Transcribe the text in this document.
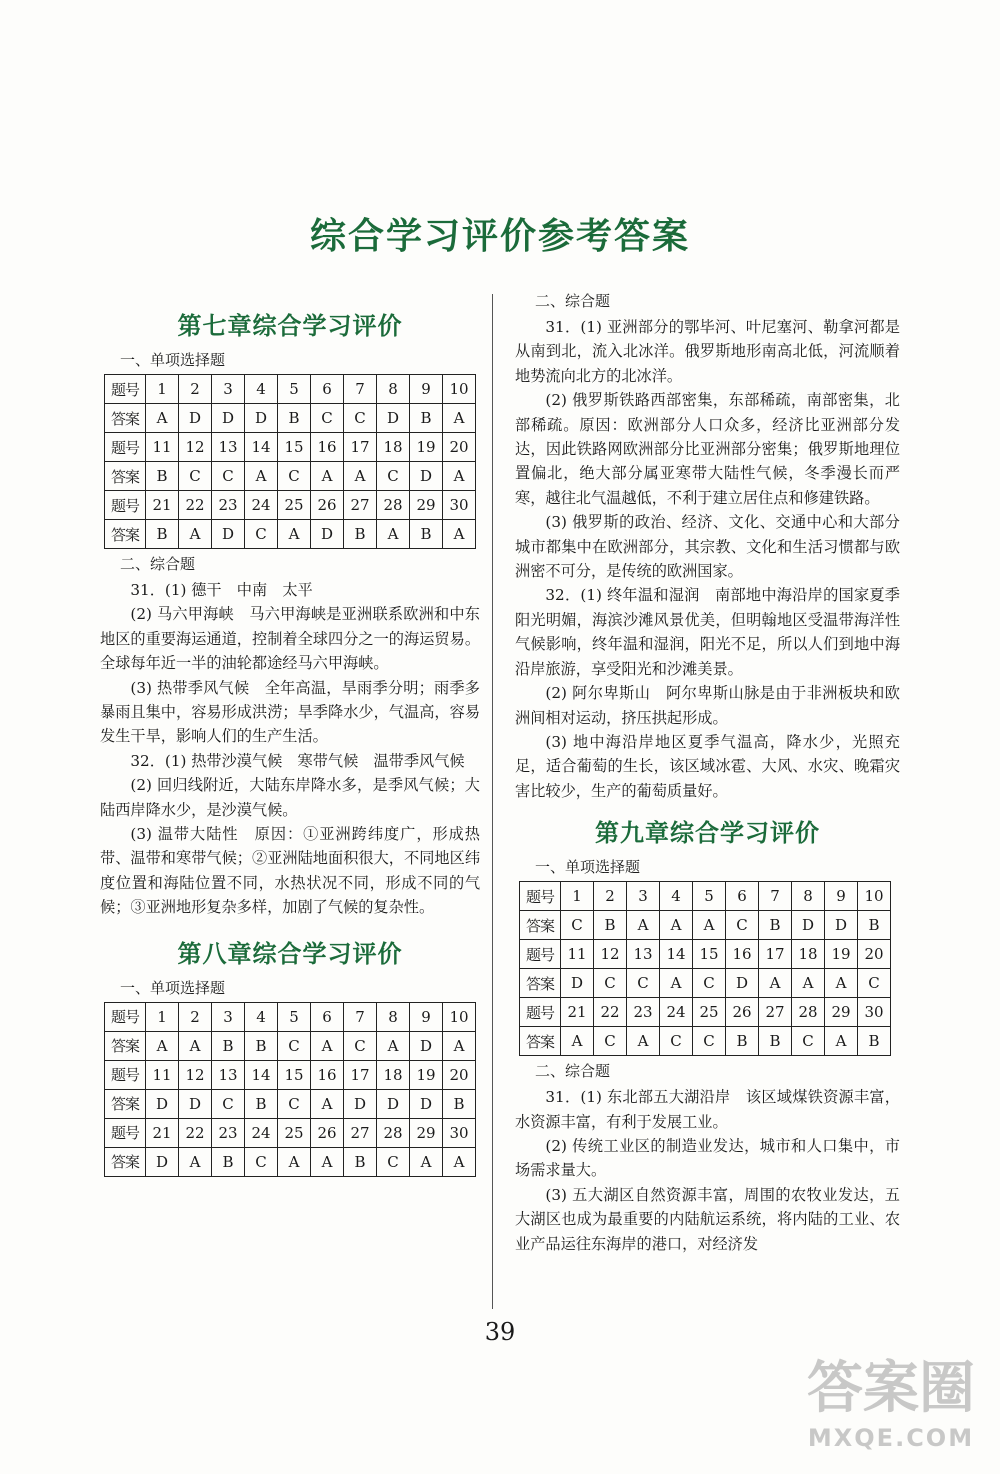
综合学习评价参考答案
第七章综合学习评价
一、单项选择题
题号	1	2	3	4	5	6	7	8	9	10
答案	A	D	D	D	B	C	C	D	B	A
题号	11	12	13	14	15	16	17	18	19	20
答案	B	C	C	A	C	A	A	C	D	A
题号	21	22	23	24	25	26	27	28	29	30
答案	B	A	D	C	A	D	B	A	B	A
二、综合题

31．(1) 德干　中南　太平

(2) 马六甲海峡　马六甲海峡是亚洲联系欧洲和中东地区的重要海运通道，控制着全球四分之一的海运贸易。全球每年近一半的油轮都途经马六甲海峡。

(3) 热带季风气候　全年高温，旱雨季分明；雨季多暴雨且集中，容易形成洪涝；旱季降水少，气温高，容易发生干旱，影响人们的生产生活。

32．(1) 热带沙漠气候　寒带气候　温带季风气候

(2) 回归线附近，大陆东岸降水多，是季风气候；大陆西岸降水少，是沙漠气候。

(3) 温带大陆性　原因：①亚洲跨纬度广，形成热带、温带和寒带气候；②亚洲陆地面积很大，不同地区纬度位置和海陆位置不同，水热状况不同，形成不同的气候；③亚洲地形复杂多样，加剧了气候的复杂性。

第八章综合学习评价
一、单项选择题
题号	1	2	3	4	5	6	7	8	9	10
答案	A	A	B	B	C	A	C	A	D	A
题号	11	12	13	14	15	16	17	18	19	20
答案	D	D	C	B	C	A	D	D	D	B
题号	21	22	23	24	25	26	27	28	29	30
答案	D	A	B	C	A	A	B	C	A	A
二、综合题

31．(1) 亚洲部分的鄂毕河、叶尼塞河、勒拿河都是从南到北，流入北冰洋。俄罗斯地形南高北低，河流顺着地势流向北方的北冰洋。

(2) 俄罗斯铁路西部密集，东部稀疏，南部密集，北部稀疏。原因：欧洲部分人口众多，经济比亚洲部分发达，因此铁路网欧洲部分比亚洲部分密集；俄罗斯地理位置偏北，绝大部分属亚寒带大陆性气候，冬季漫长而严寒，越往北气温越低，不利于建立居住点和修建铁路。

(3) 俄罗斯的政治、经济、文化、交通中心和大部分城市都集中在欧洲部分，其宗教、文化和生活习惯都与欧洲密不可分，是传统的欧洲国家。

32．(1) 终年温和湿润　南部地中海沿岸的国家夏季阳光明媚，海滨沙滩风景优美，但明翰地区受温带海洋性气候影响，终年温和湿润，阳光不足，所以人们到地中海沿岸旅游，享受阳光和沙滩美景。

(2) 阿尔卑斯山　阿尔卑斯山脉是由于非洲板块和欧洲间相对运动，挤压拱起形成。

(3) 地中海沿岸地区夏季气温高，降水少，光照充足，适合葡萄的生长，该区域冰雹、大风、水灾、晚霜灾害比较少，生产的葡萄质量好。

第九章综合学习评价
一、单项选择题
题号	1	2	3	4	5	6	7	8	9	10
答案	C	B	A	A	A	C	B	D	D	B
题号	11	12	13	14	15	16	17	18	19	20
答案	D	C	C	A	C	D	A	A	A	C
题号	21	22	23	24	25	26	27	28	29	30
答案	A	C	A	C	C	B	B	C	A	B
二、综合题

31．(1) 东北部五大湖沿岸　该区域煤铁资源丰富，水资源丰富，有利于发展工业。

(2) 传统工业区的制造业发达，城市和人口集中，市场需求量大。

(3) 五大湖区自然资源丰富，周围的农牧业发达，五大湖区也成为最重要的内陆航运系统，将内陆的工业、农业产品运往东海岸的港口，对经济发

39
答案圈
MXQE.COM
